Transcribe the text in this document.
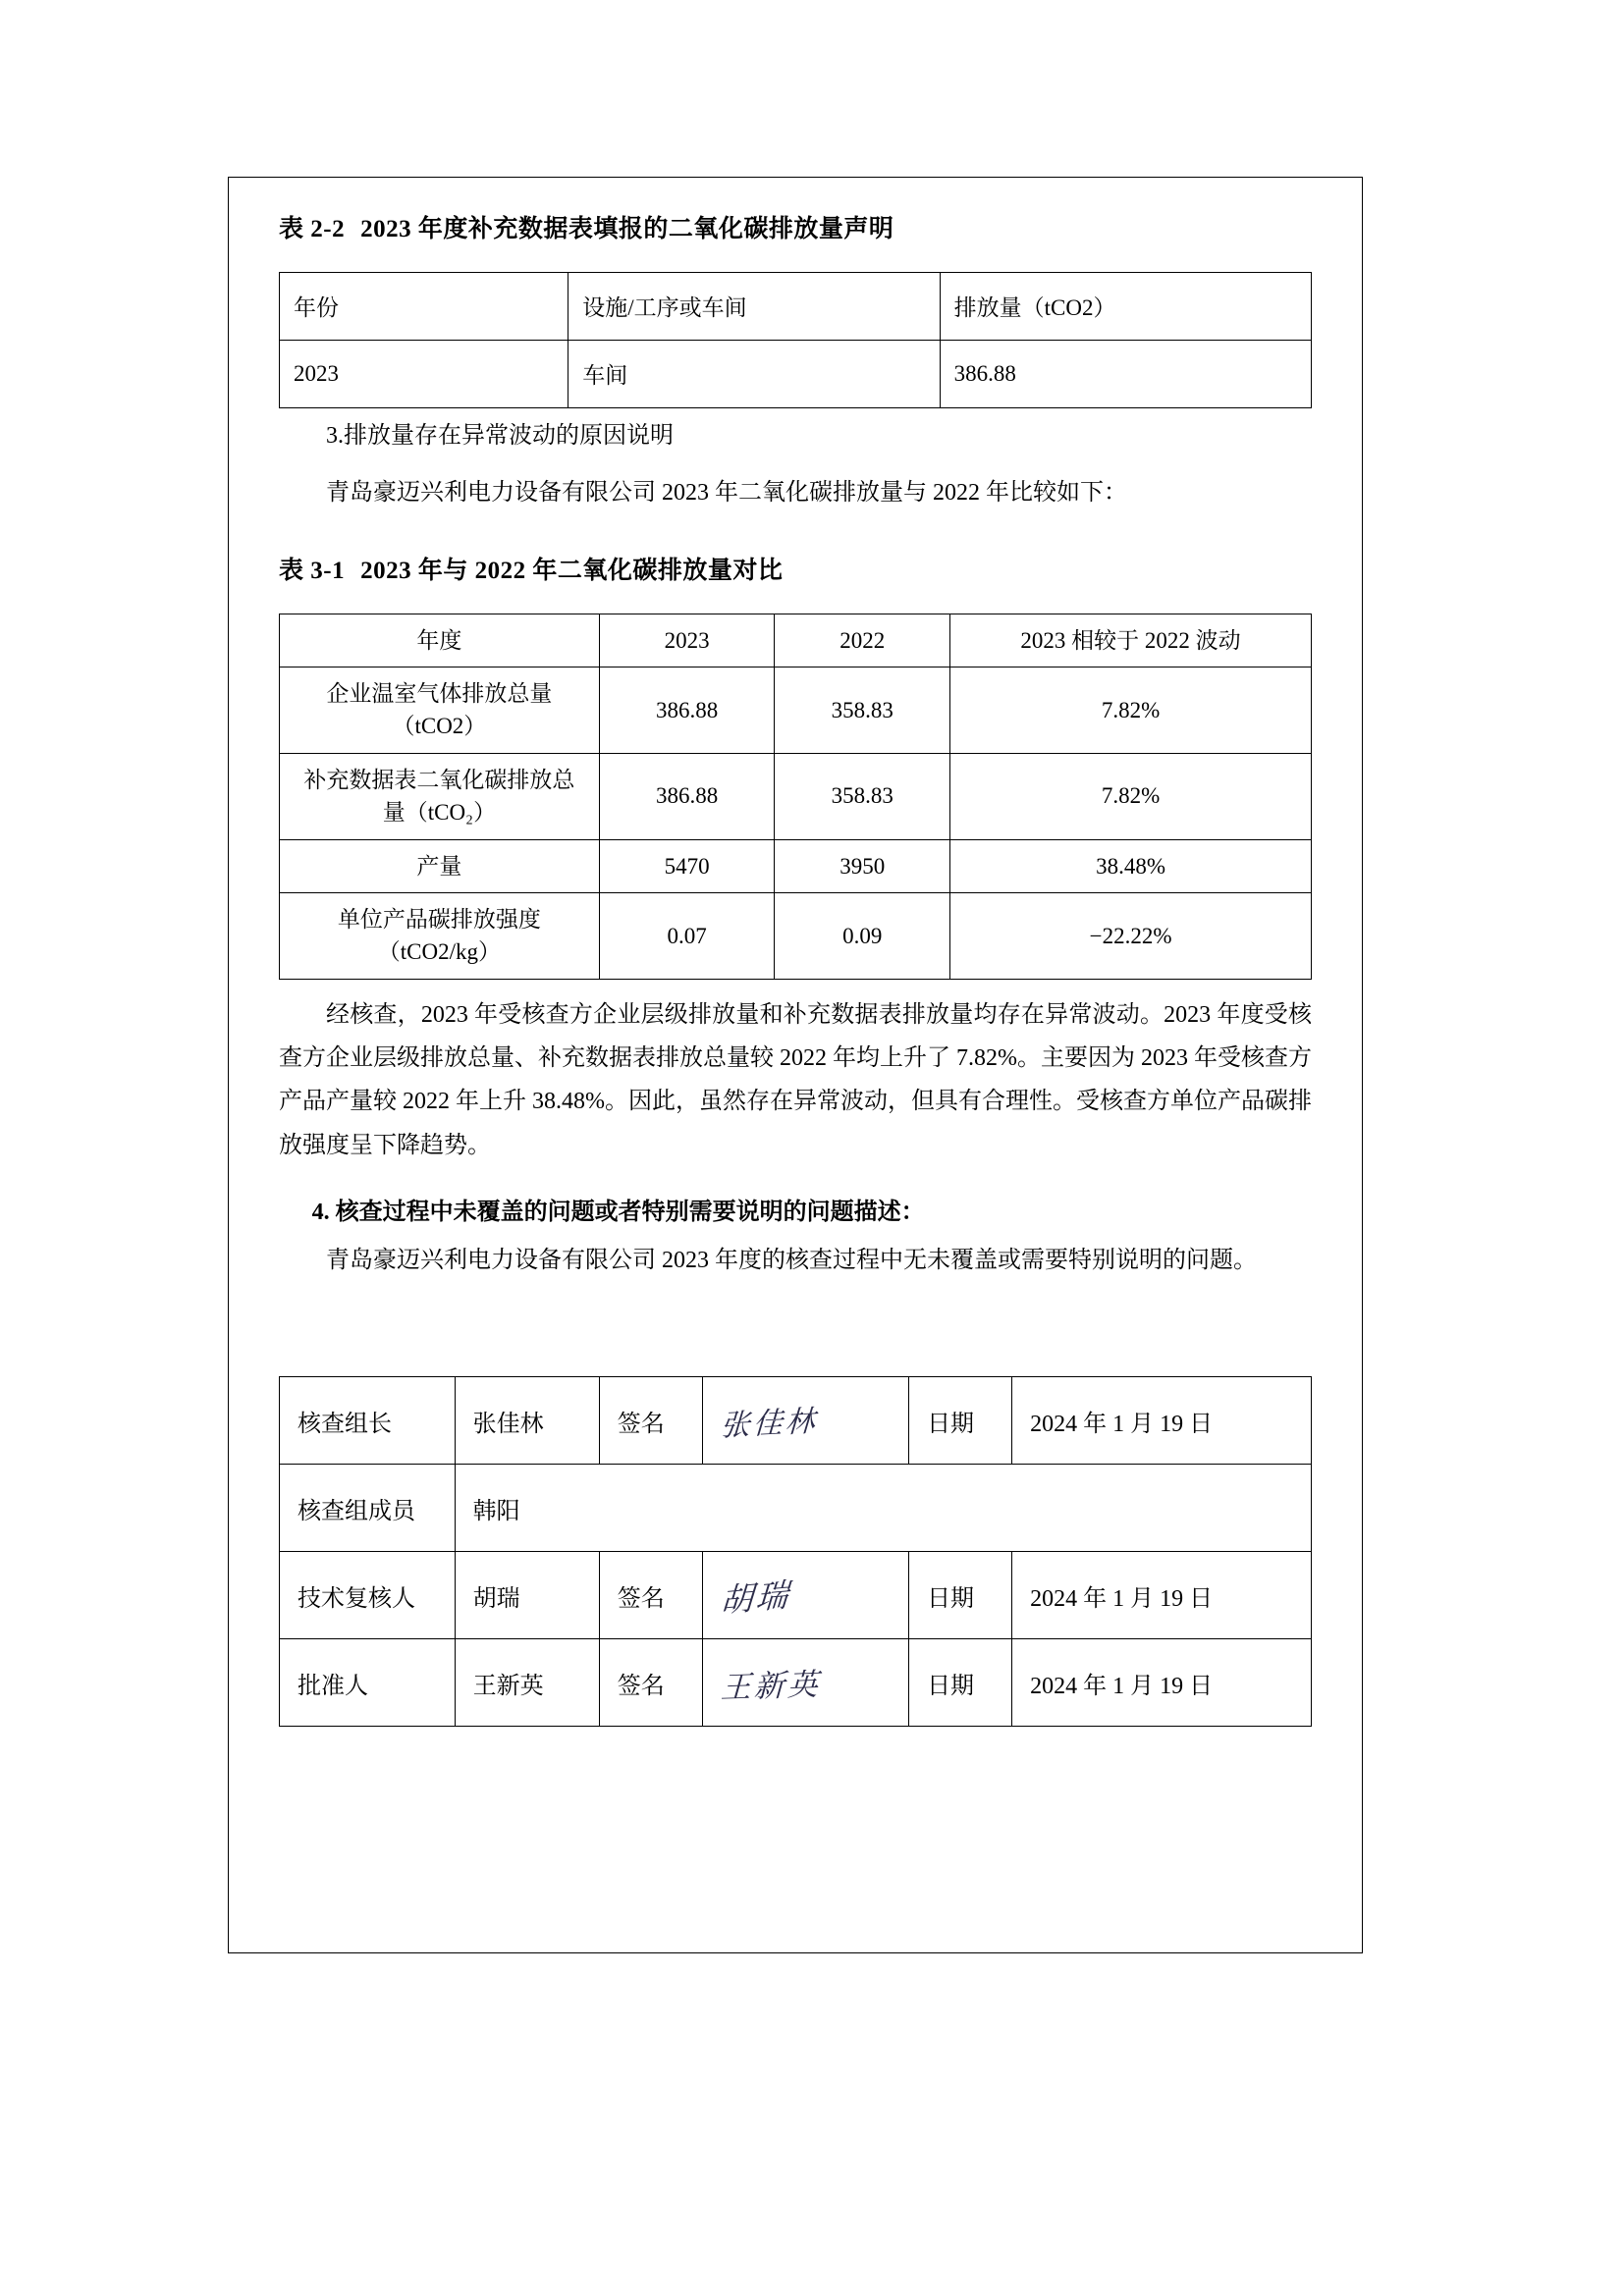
表 2-2 2023 年度补充数据表填报的二氧化碳排放量声明
年份	设施/工序或车间	排放量（tCO2）
2023	车间	386.88

3.排放量存在异常波动的原因说明

青岛豪迈兴利电力设备有限公司 2023 年二氧化碳排放量与 2022 年比较如下：

表 3-1 2023 年与 2022 年二氧化碳排放量对比
年度	2023	2022	2023 相较于 2022 波动
企业温室气体排放总量（tCO2）	386.88	358.83	7.82%
补充数据表二氧化碳排放总量（tCO₂）	386.88	358.83	7.82%
产量	5470	3950	38.48%
单位产品碳排放强度（tCO2/kg）	0.07	0.09	−22.22%

经核查，2023 年受核查方企业层级排放量和补充数据表排放量均存在异常波动。2023 年度受核查方企业层级排放总量、补充数据表排放总量较 2022 年均上升了 7.82%。主要因为 2023 年受核查方产品产量较 2022 年上升 38.48%。因此，虽然存在异常波动，但具有合理性。受核查方单位产品碳排放强度呈下降趋势。

4. 核查过程中未覆盖的问题或者特别需要说明的问题描述：

青岛豪迈兴利电力设备有限公司 2023 年度的核查过程中无未覆盖或需要特别说明的问题。

核查组长	张佳林	签名	张佳林	日期	2024 年 1 月 19 日
核查组成员	韩阳				
技术复核人	胡瑞	签名	胡瑞	日期	2024 年 1 月 19 日
批准人	王新英	签名	王新英	日期	2024 年 1 月 19 日
